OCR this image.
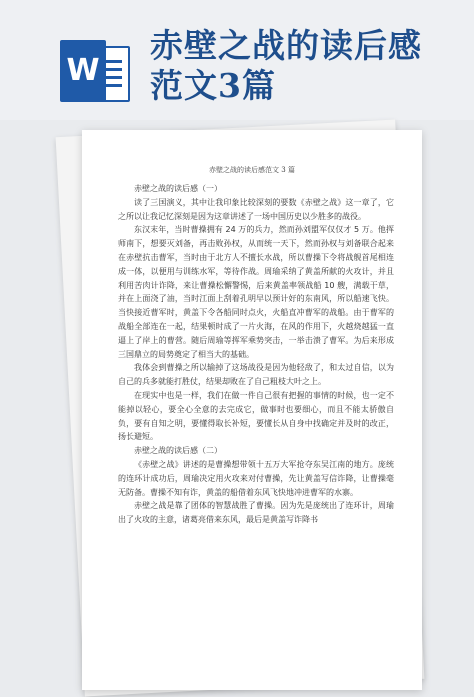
W
赤壁之战的读后感范文3篇
赤壁之战的读后感范文 3 篇

赤壁之战的读后感（一）

读了三国演义，其中让我印象比较深刻的要数《赤壁之战》这一章了，它之所以让我记忆深刻是因为这章讲述了一场中国历史以少胜多的战役。

东汉末年，当时曹操拥有 24 万的兵力，然而孙刘盟军仅仅才 5 万。他挥师南下，想要灭刘备，再击败孙权，从而统一天下，然而孙权与刘备联合起来在赤壁抗击曹军，当时由于北方人不擅长水战，所以曹操下令将战舰首尾相连成一体，以便用与训练水军，等待作战。周瑜采纳了黄盖所献的火攻计，并且利用苦肉计诈降，来让曹操松懈警惕，后来黄盖率领战船 10 艘，满载干草，并在上面浇了油，当时江面上刮着孔明早以预计好的东南风，所以船速飞快。当快接近曹军时，黄盖下令各船同时点火，火船直冲曹军的战船。由于曹军的战船全部连在一起，结果顿时成了一片火海，在风的作用下，火越烧越猛一直逼上了岸上的曹营。随后周瑜等挥军乘势突击，一举击溃了曹军。为后来形成三国鼎立的局势奠定了相当大的基础。

我体会到曹操之所以输掉了这场战役是因为他轻敌了，和太过自信，以为自己的兵多就能打胜仗，结果却败在了自己粗枝大叶之上。

在现实中也是一样，我们在做一件自己很有把握的事情的时候，也一定不能掉以轻心，要全心全意的去完成它，做事时也要细心，而且不能太骄傲自负，要有自知之明，要懂得取长补短，要懂长从自身中找确定并及时的改正，扬长避短。

赤壁之战的读后感（二）

《赤壁之战》讲述的是曹操想带领十五万大军抢夺东吴江南的地方。庞统的连环计成功后，周瑜决定用火攻来对付曹操，先让黄盖写信诈降，让曹操毫无防备。曹操不知有诈，黄盖的船借着东风飞快地冲进曹军的水寨。

赤壁之战是靠了团体的智慧战胜了曹操。因为先是庞统出了连环计，周瑜出了火攻的主意，诸葛亮借来东风，最后是黄盖写诈降书
